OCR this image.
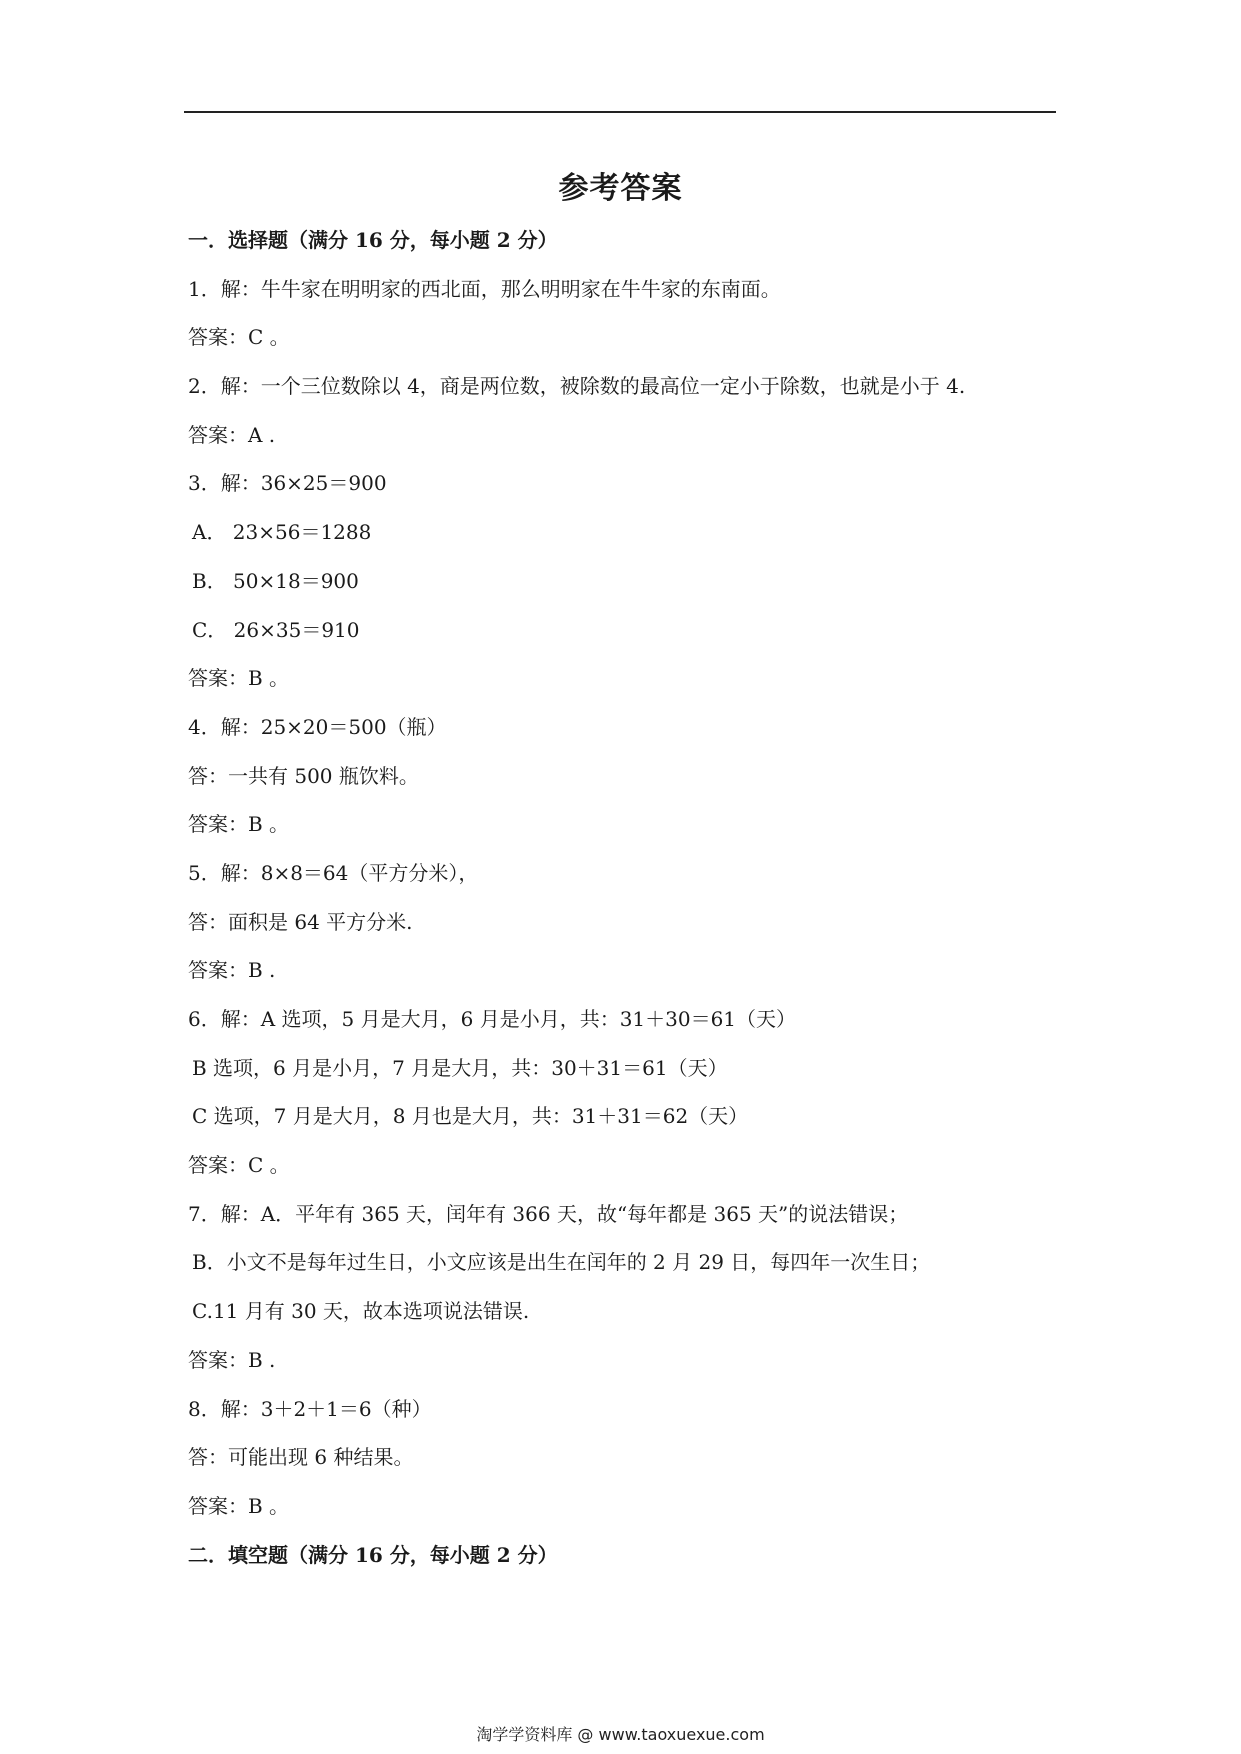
参考答案
一．选择题（满分 16 分，每小题 2 分）
1．解：牛牛家在明明家的西北面，那么明明家在牛牛家的东南面。
答案：C 。
2．解：一个三位数除以 4，商是两位数，被除数的最高位一定小于除数，也就是小于 4.
答案：A .
3．解：36×25＝900
A． 23×56＝1288
B． 50×18＝900
C． 26×35＝910
答案：B 。
4．解：25×20＝500（瓶）
答：一共有 500 瓶饮料。
答案：B 。
5．解：8×8＝64（平方分米），
答：面积是 64 平方分米.
答案：B .
6．解：A 选项，5 月是大月，6 月是小月，共：31＋30＝61（天）
B 选项，6 月是小月，7 月是大月，共：30＋31＝61（天）
C 选项，7 月是大月，8 月也是大月，共：31＋31＝62（天）
答案：C 。
7．解：A．平年有 365 天，闰年有 366 天，故“每年都是 365 天”的说法错误；
B．小文不是每年过生日，小文应该是出生在闰年的 2 月 29 日，每四年一次生日；
C.11 月有 30 天，故本选项说法错误.
答案：B .
8．解：3＋2＋1＝6（种）
答：可能出现 6 种结果。
答案：B 。
二．填空题（满分 16 分，每小题 2 分）
淘学学资料库 @ www.taoxuexue.com
